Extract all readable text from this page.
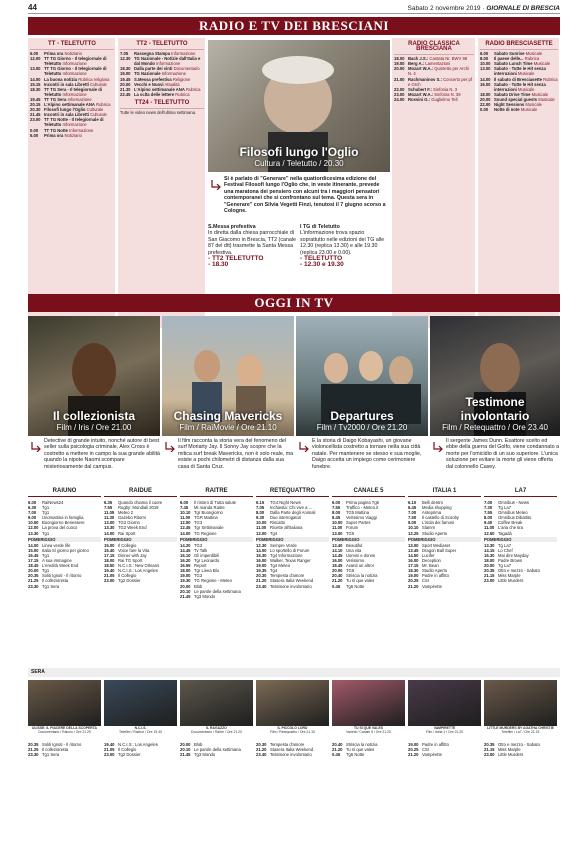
44	Sabato 2 novembre 2019 · GIORNALE DI BRESCIA
RADIO E TV DEI BRESCIANI
TT - TELETUTTO
6.00	Prima ora Notiziario
12.00 TT TG Giorno - Il telegiornale di Teletutto Informazione
13.00 TT TG Giorno - Il telegiornale di Teletutto Informazione
14.00 La buona notizia Rubrica religiosa
15.15 Incontri in sala Libretti Culturale
18.30 TT TG Sera - Il telegiornale di Teletutto Informazione
19.45 TT TG Sera Informazione
20.15 L'Alpino settimanale ANA Rubrica
20.30 Filosofi lungo l'Oglio Culturale
21.45 Incontri in sala Libretti Culturale
23.00 TT TG Notte - Il telegiornale di Teletutto Informazione
0.00	TT TG Notte Informazione
5.00	Prima ora Notiziario
TT2 - TELETUTTO
7.05	Rassegna Stampa Informazione
12.30 TG Nazionale - Notizie dall'Italia e dal Mondo Informazione
18.30 Dalla parte dei vinti Documentario
19.00 TG Nazionale Informazione
19.45 S.Messa prefestiva Religione
20.00 Vecchi e Nuovi Attualità
21.30 L'Alpino settimanale ANA Rubrica
22.45 La sclta delle lettere Rubrica
TT24 - TELETUTTO
Tutte le video news dell'ultima settimana.
RADIO CLASSICA BRESCIANA
18.00 Bach J.S.: Cantata Nr. BWV 98
19.00 Berg A.: Lamentazioni
20.00 Mozart W.A.: Quintetto per Archi N. 4
21.00 Rachmaninov S.: Concerto per pf e Orch
22.00 Schubert F.: Sinfonia N. 3
23.00 Mozart W.A.: Sinfonia N. 39
24.00 Rossini G.: Guglielmo Tell
RADIO BRESCIASETTE
6.00	Sabato Sunrise Musicale
8.00	Il paese delle... Rubrica
10.00 Sabato Lunch Time Musicale
13.00 Sabato - Tutte le Hit senza interruzioni Musicale
14.00 Il sabato di Bresciasette Rubrica
16.00 Sabato - Tutte le Hit senza interruzioni Musicale
18.00 Sabato Drive Time Musicale
20.00 Sound special guests Musicale
22.00 Night Sessions Musicale
0.00	Notte di note Musicale
Filosofi lungo l'Oglio
Cultura / Teletutto / 20.30
Si è parlato di "Generare" nella quattordicesima edizione del Festival Filosofi lungo l'Oglio che, in veste itinerante, prevede una maratona dei pensiero con alcuni tra i maggiori pensatori contemporanei che si confrontano sul tema. Questa sera in "Generare" con Silvia Vegetti Finzi, tenutosi il 7 giugno scorso a Cologne.
S.Messa prefestiva
In diretta dalla chiesa parrocchiale di San Giacomo in Brescia, TT2 (canale 87 del dtt) trasmette la Santa Messa prefestiva.
- TT2 TELETUTTO
- 18.30
I TG di Teletutto
L'informazione trova spazio soprattutto nelle edizioni dei TG alle 12.30 (replica 13.30) e alle 19.30 (replica 23.00 e 0.00).
- TELETUTTO
- 12.30 e 19.30
OGGI IN TV
Il collezionista
Film / Iris / Ore 21.00
Chasing Mavericks
Film / RaiMovie / Ore 21.10
Departures
Film / Tv2000 / Ore 21.20
Testimone involontario
Film / Retequattro / Ore 23.40
Detective di grande intuito, nonché autore di best seller sulla psicologia criminale, Alex Cross è costretto a mettere in campo la sua grande abilità quando la nipote Naomi scompare misteriosamente dal campus.
Il film racconta la storia vera del fenomeno del surf Moriarty Jay. Il Sonny Jay scopre che la mitica surf break Mavericks, non è solo reale, ma esiste a pochi chilometri di distanza dalla sua casa di Santa Cruz.
È la storia di Daigo Kobayashi, un giovane violoncellista costretto a tornare nella sua città natale. Per mantenere se stesso e sua moglie, Daigo accetta un impiego come cerimoniere funebre.
Il sergente James Dunn. Esattore scelto ed ebbe della guerra del Golfo, viene condannato a morte per l'omicidio di un suo superiore. L'unica soluzione per evitare la morte gli viene offerta dal colonnello Casey.
RAIUNO
6.00	RaiNews24
6.30	Tg1
7.00	Tg1
9.00	Unomattina in famiglia
10.50 Buongiorno Benessere
12.00 La prova del cuoco
13.30 Tg1
POMERIGGIO
14.00 Linea verde life
15.00 Italia Sì giorno per giorno
16.45 Tg1
17.15 A sua immagine
18.45 L'eredità Week End
20.00 Tg1
20.35 Soliti Ignoti - Il ritorno
21.25 Il collezionista
23.30 Tg1 Sera
RAIDUE
6.35	Quando chiama il cuore
7.55	Rugby: Mondiali 2019
11.05 Meteo 2
11.30 Gazebo Ritorni
13.00 TG2 Giorno
13.30 TG2 Week End
14.00 Rai Sport
POMERIGGIO
15.00 Il Collegio
15.40 Voice fare la Vita
17.15 Dinner with Jay
18.00 Rai TG Sport
18.50 N.C.I.S.: New Orleans
19.40 N.C.I.S.: Los Angeles
21.05 Il Collegio
23.00 Tg2 Dossier
RAITRE
6.00	Il ristoro di Tutta salute
7.45	Mi manda Raitre
10.10 Tgr Buongiorno
11.00 TGR Mattina
12.00 TG3
12.45 Tgr Settimanale
14.00 TG Regione
POMERIGGIO
14.20 TG3
14.45 Tv Talk
16.10 Gli imperdibili
16.20 Tgr Leonardo
16.55 Report
18.00 Tgr Linea Blu
19.00 TG3
19.30 TG Regione - Meteo
20.00 Blob
20.10 Le parole della settimana
21.45 Tg3 Mondo
RETEQUATTRO
6.15	TG4 Night News
7.05	Inchiesta: Chi vive a ...
8.00	Dalla Parte degli Animali
9.30	Due interrogatori
10.00 Riscatto
11.00 Ricette all'italiana
12.00 Tg4
POMERIGGIO
12.30 Sempre Verde
14.00 Lo sportello di Forum
15.30 Tg4 Informazione
16.00 Walker, Texas Ranger
19.00 Tg4 Meteo
19.35 Tg4
20.30 Tempesta d'amore
21.20 Stasera Italia Weekend
23.40 Testimone involontario
CANALE 5
6.00	Prima pagina Tg5
7.55	Traffico - Meteo.it
8.00	TG5 Mattina
8.45	Verissimo Viaggi
10.00 Super Partes
11.00 Forum
13.00 TG5
POMERIGGIO
13.40 Beautiful
14.10 Una vita
14.45 Uomini e donne
16.00 Verissimo
18.45 Avanti un altro!
20.00 TG5
20.40 Striscia la notizia
21.20 Tu sì que vales
0.45	Tg5 Notte
ITALIA 1
6.10	Belli dentro
6.45	Media shopping
7.00	Anteprima
7.50	Il castello di Scooby
9.00	L'isola dei famosi
10.10 Slamm
12.25 Studio Aperto
POMERIGGIO
13.00 Sport Mediaset
13.45 Dragon Ball Super
14.50 Lucifer
16.00 Deception
17.15 Mr. Bean
18.30 Studio Aperto
19.00 Padre in affitto
20.25 CSI
21.20 Vampirette
LA7
7.00	Omnibus - News
7.30	Tg La7
7.55	Omnibus Meteo
8.00	Omnibus Dibattito
9.40	Coffee Break
11.00 L'aria che tira
12.50 Tagadà
POMERIGGIO
13.30 Tg La7
14.15 Lo Chef
16.30 Mai dire Mayday
18.00 Padre Brown
20.00 Tg La7
20.35 Otto e mezzo - Sabato
21.15 Miss Marple
23.00 Little Murders
SERA
ULISSE: IL PIACERE DELLA SCOPERTA
Documentario / Raiuno / Ore 21.25
20.35 Soliti Ignoti - Il ritorno
21.25 Il collezionista
23.30 Tg1 Sera
N.C.I.S.
Telefilm / Raidue / Ore 19.40
19.40 N.C.I.S.: Los Angeles
21.05 Il Collegio
23.00 Tg2 Dossier
IL RAGAZZO
Documentario / Raitre / Ore 21.20
20.00 Blob
20.10 Le parole della settimana
21.45 Tg3 Mondo
IL PICCOLO LORD
Film / Retequattro / Ore 21.15
20.30 Tempesta d'amore
21.20 Stasera Italia Weekend
23.40 Testimone involontario
TU SÌ QUE VALES
Varietà / Canale 5 / Ore 21.20
20.40 Striscia la notizia
21.20 Tu sì que vales
0.45	Tg5 Notte
VAMPIRETTE
Film / Italia 1 / Ore 21.20
19.00 Padre in affitto
20.25 CSI
21.20 Vampirette
LITTLE MURDERS BY AGATHA CHRISTIE
Telefilm / La7 / Ore 21.15
20.35 Otto e mezzo - Sabato
21.15 Miss Marple
23.00 Little Murders
